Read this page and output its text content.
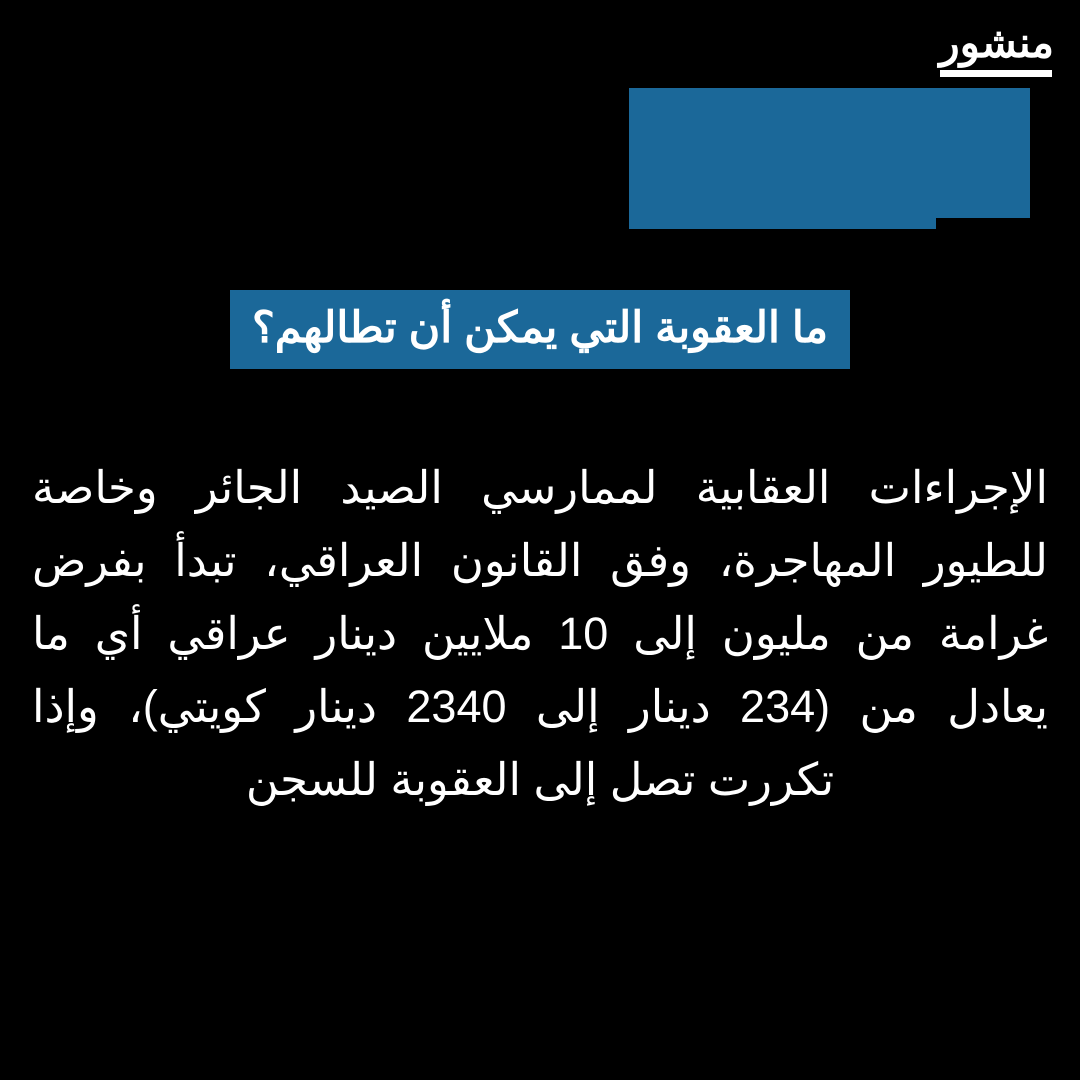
منشور
ما العقوبة التي يمكن أن تطالهم؟
الإجراءات العقابية لممارسي الصيد الجائر وخاصة للطيور المهاجرة، وفق القانون العراقي، تبدأ بفرض غرامة من مليون إلى 10 ملايين دينار عراقي أي ما يعادل من (234 دينار إلى 2340 دينار كويتي)، وإذا تكررت تصل إلى العقوبة للسجن
